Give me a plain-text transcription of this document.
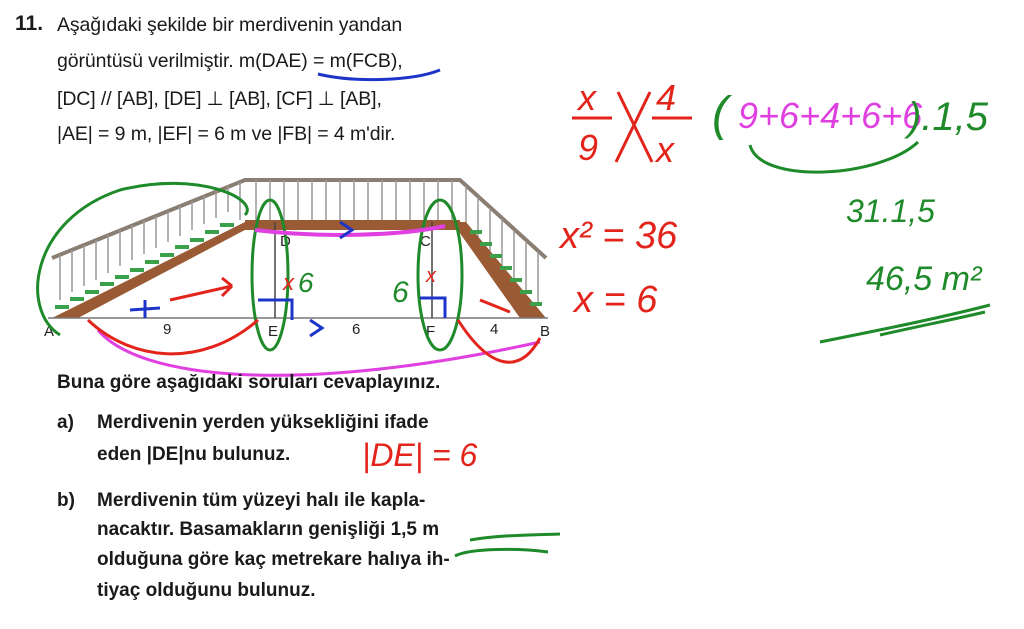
11. Aşağıdaki şekilde bir merdivenin yandan
görüntüsü verilmiştir. m(DAE) = m(FCB),
[DC] // [AB], [DE] ⊥ [AB], [CF] ⊥ [AB],
|AE| = 9 m, |EF| = 6 m ve |FB| = 4 m'dir.
A	E	F	B
D	C
9	6	4
x 6	6 x
Buna göre aşağıdaki soruları cevaplayınız.
a) Merdivenin yerden yüksekliğini ifade
eden |DE|nu bulunuz.
b) Merdivenin tüm yüzeyi halı ile kapla-
nacaktır. Basamakların genişliği 1,5 m
olduğuna göre kaç metrekare halıya ih-
tiyaç olduğunu bulunuz.
x
9
4
x
x² = 36
x = 6
|DE| = 6
( 9+6+4+6+6
).1,5
31.1,5
46,5 m²
